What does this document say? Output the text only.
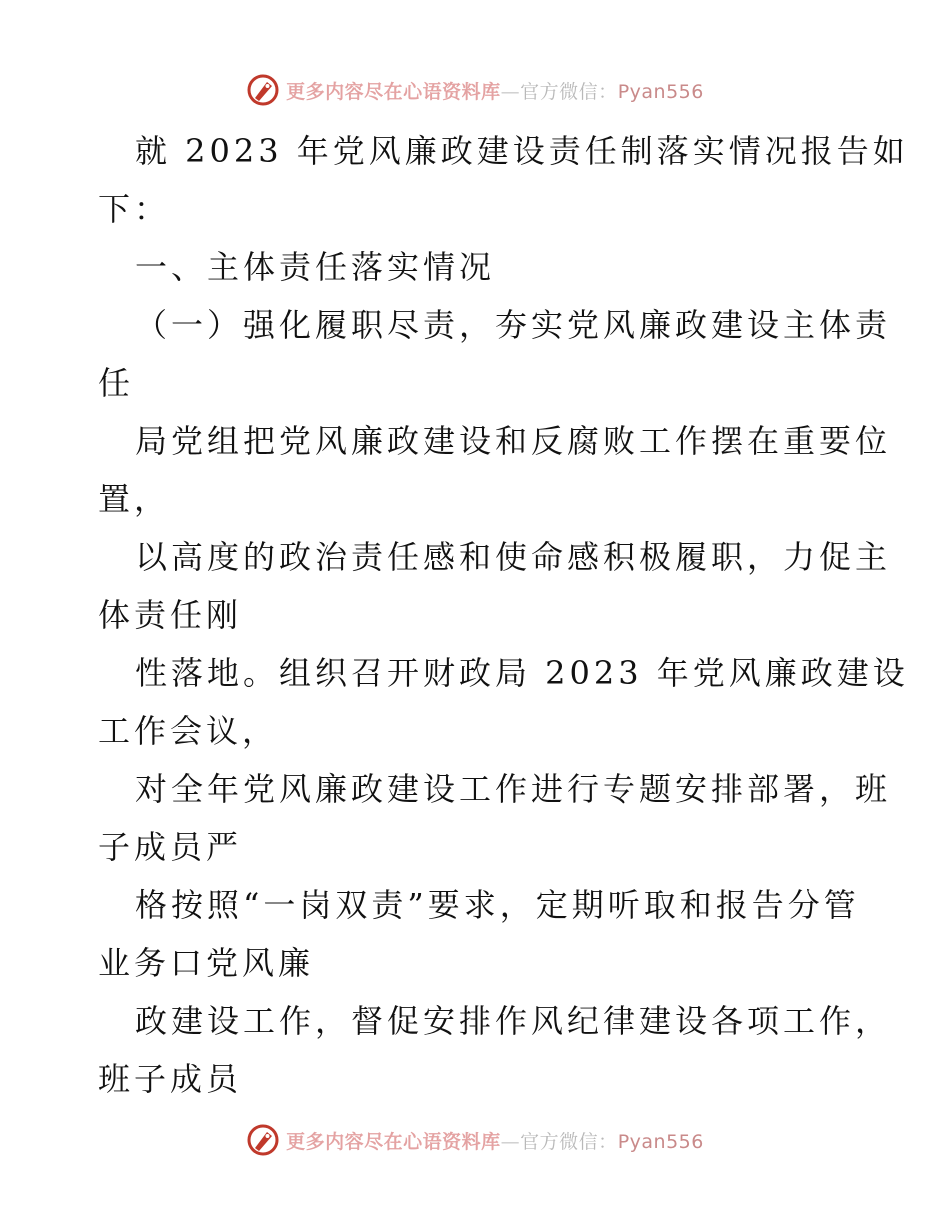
更多内容尽在心语资料库—官方微信：Pyan556
就 2023 年党风廉政建设责任制落实情况报告如
下：
一、主体责任落实情况
（一）强化履职尽责，夯实党风廉政建设主体责
任
局党组把党风廉政建设和反腐败工作摆在重要位
置，
以高度的政治责任感和使命感积极履职，力促主
体责任刚
性落地。组织召开财政局 2023 年党风廉政建设
工作会议，
对全年党风廉政建设工作进行专题安排部署，班
子成员严
格按照“一岗双责”要求，定期听取和报告分管
业务口党风廉
政建设工作，督促安排作风纪律建设各项工作，
班子成员
更多内容尽在心语资料库—官方微信：Pyan556
